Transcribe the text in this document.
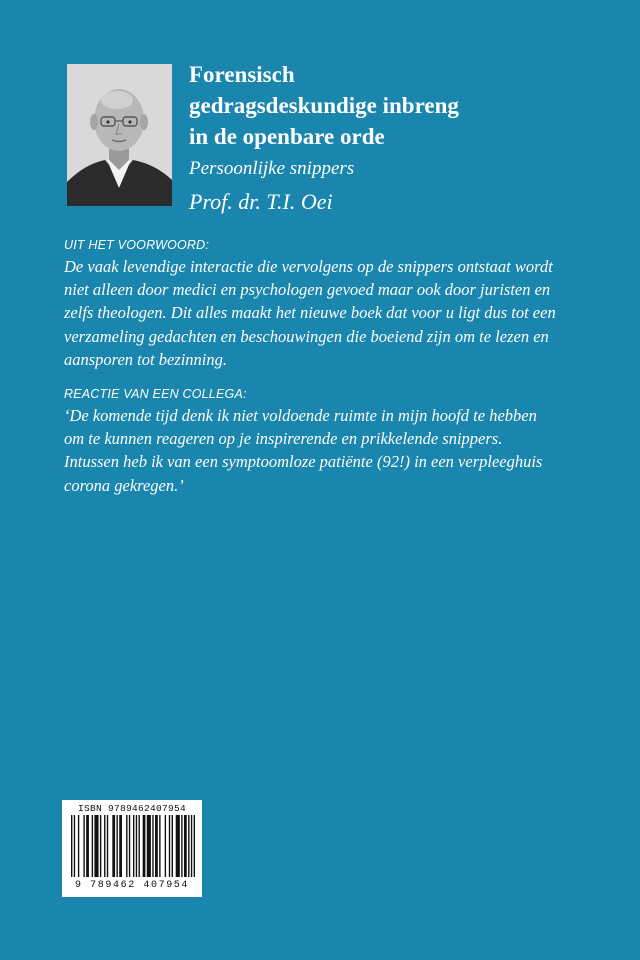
Forensisch
gedragsdeskundige inbreng
in de openbare orde

Persoonlijke snippers

Prof. dr. T.I. Oei

UIT HET VOORWOORD:

De vaak levendige interactie die vervolgens op de snippers ontstaat wordt
niet alleen door medici en psychologen gevoed maar ook door juristen en
zelfs theologen. Dit alles maakt het nieuwe boek dat voor u ligt dus tot een
verzameling gedachten en beschouwingen die boeiend zijn om te lezen en
aansporen tot bezinning.

REACTIE VAN EEN COLLEGA:

‘De komende tijd denk ik niet voldoende ruimte in mijn hoofd te hebben
om te kunnen reageren op je inspirerende en prikkelende snippers.
Intussen heb ik van een symptoomloze patiënte (92!) in een verpleeghuis
corona gekregen.’

ISBN 9789462407954
9 789462 407954
